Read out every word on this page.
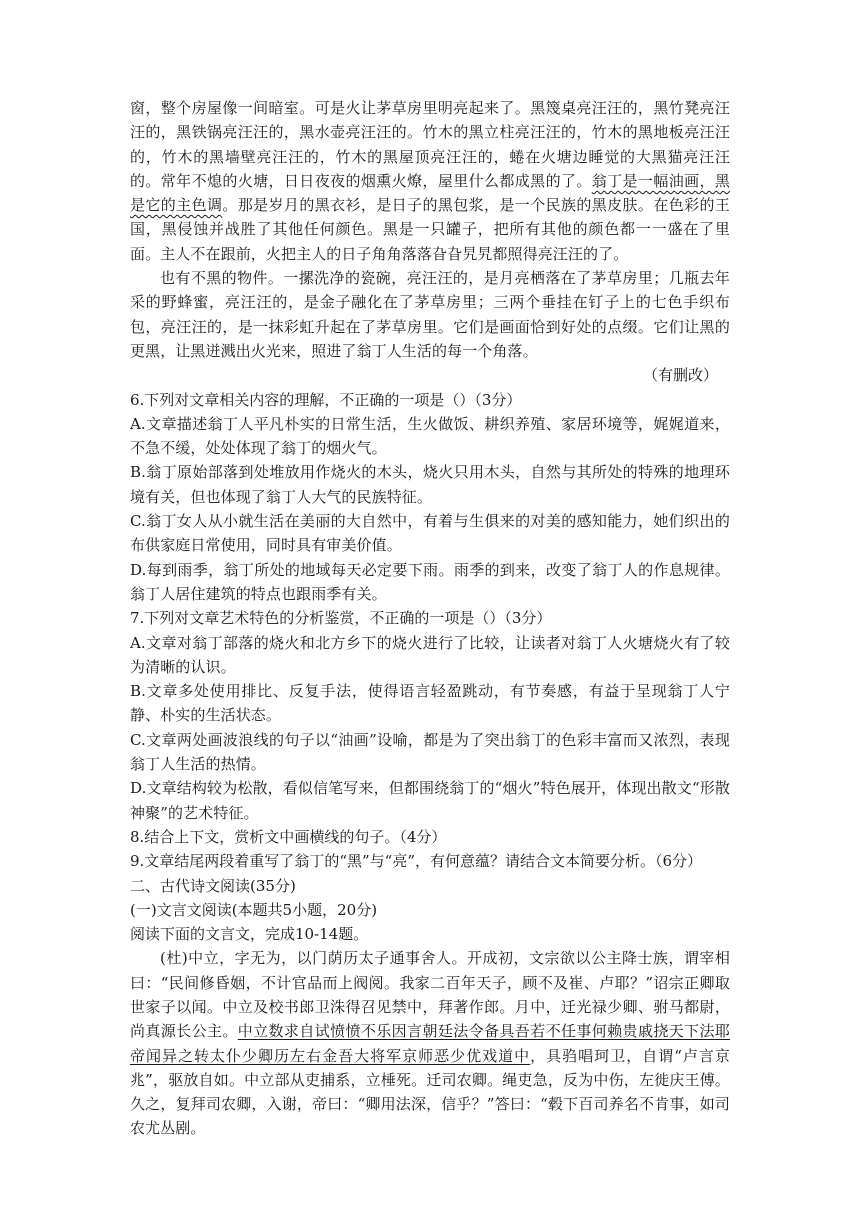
窗，整个房屋像一间暗室。可是火让茅草房里明亮起来了。黑篾桌亮汪汪的，黑竹凳亮汪汪的，黑铁锅亮汪汪的，黑水壶亮汪汪的。竹木的黑立柱亮汪汪的，竹木的黑地板亮汪汪的，竹木的黑墙壁亮汪汪的，竹木的黑屋顶亮汪汪的，蜷在火塘边睡觉的大黑猫亮汪汪的。常年不熄的火塘，日日夜夜的烟熏火燎，屋里什么都成黑的了。翁丁是一幅油画，黑是它的主色调。那是岁月的黑衣衫，是日子的黑包浆，是一个民族的黑皮肤。在色彩的王国，黑侵蚀并战胜了其他任何颜色。黑是一只罐子，把所有其他的颜色都一一盛在了里面。主人不在跟前，火把主人的日子角角落落旮旮旯旯都照得亮汪汪的了。

也有不黑的物件。一摞洗净的瓷碗，亮汪汪的，是月亮栖落在了茅草房里；几瓶去年采的野蜂蜜，亮汪汪的，是金子融化在了茅草房里；三两个垂挂在钉子上的七色手织布包，亮汪汪的，是一抹彩虹升起在了茅草房里。它们是画面恰到好处的点缀。它们让黑的更黑，让黑迸溅出火光来，照进了翁丁人生活的每一个角落。

（有删改）

6.下列对文章相关内容的理解，不正确的一项是（）（3分）

A.文章描述翁丁人平凡朴实的日常生活，生火做饭、耕织养殖、家居环境等，娓娓道来，不急不缓，处处体现了翁丁的烟火气。

B.翁丁原始部落到处堆放用作烧火的木头，烧火只用木头，自然与其所处的特殊的地理环境有关，但也体现了翁丁人大气的民族特征。

C.翁丁女人从小就生活在美丽的大自然中，有着与生俱来的对美的感知能力，她们织出的布供家庭日常使用，同时具有审美价值。

D.每到雨季，翁丁所处的地域每天必定要下雨。雨季的到来，改变了翁丁人的作息规律。翁丁人居住建筑的特点也跟雨季有关。

7.下列对文章艺术特色的分析鉴赏，不正确的一项是（）（3分）

A.文章对翁丁部落的烧火和北方乡下的烧火进行了比较，让读者对翁丁人火塘烧火有了较为清晰的认识。

B.文章多处使用排比、反复手法，使得语言轻盈跳动，有节奏感，有益于呈现翁丁人宁静、朴实的生活状态。

C.文章两处画波浪线的句子以“油画”设喻，都是为了突出翁丁的色彩丰富而又浓烈，表现翁丁人生活的热情。

D.文章结构较为松散，看似信笔写来，但都围绕翁丁的“烟火”特色展开，体现出散文“形散神聚”的艺术特征。

8.结合上下文，赏析文中画横线的句子。（4分）

9.文章结尾两段着重写了翁丁的“黑”与“亮”，有何意蕴？请结合文本简要分析。（6分）

二、古代诗文阅读(35分)

(一)文言文阅读(本题共5小题，20分)

阅读下面的文言文，完成10-14题。

(杜)中立，字无为，以门荫历太子通事舍人。开成初，文宗欲以公主降士族，谓宰相曰：“民间修昏姻，不计官品而上阀阅。我家二百年天子，顾不及崔、卢耶？”诏宗正卿取世家子以闻。中立及校书郎卫洙得召见禁中，拜著作郎。月中，迁光禄少卿、驸马都尉，尚真源长公主。中立数求自试愤愤不乐因言朝廷法令备具吾若不任事何赖贵戚挠天下法耶帝闻异之转太仆少卿历左右金吾大将军京师恶少优戏道中，具驺唱珂卫，自谓“卢言京兆”，驱放自如。中立部从吏捕系，立棰死。迁司农卿。绳吏急，反为中伤，左徙庆王傅。久之，复拜司农卿，入谢，帝曰：“卿用法深，信乎？”答曰：“毂下百司养名不肯事，如司农尤丛剧。
